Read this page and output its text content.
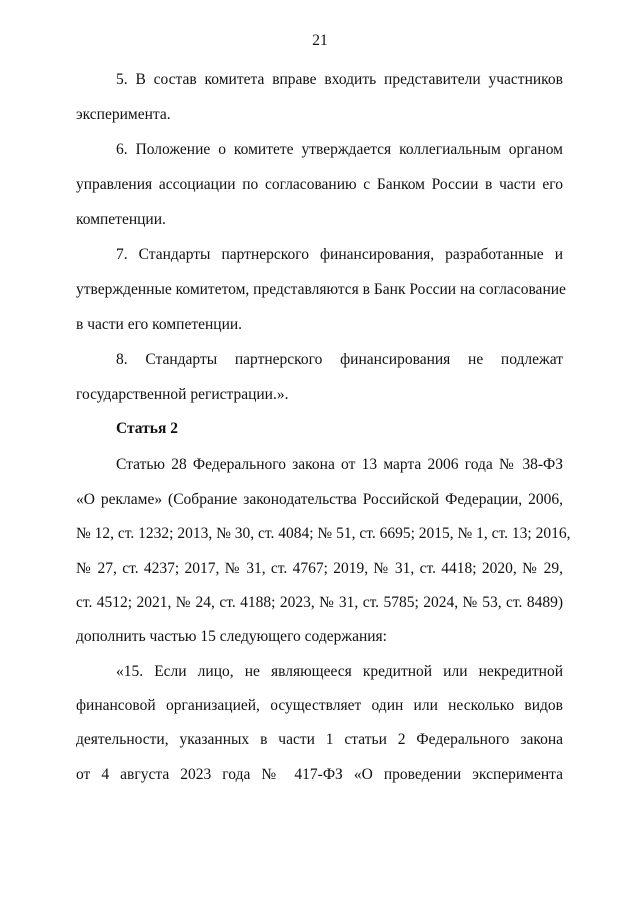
21
5. В состав комитета вправе входить представители участников
эксперимента.
6. Положение о комитете утверждается коллегиальным органом
управления ассоциации по согласованию с Банком России в части его
компетенции.
7. Стандарты партнерского финансирования, разработанные и
утвержденные комитетом, представляются в Банк России на согласование
в части его компетенции.
8. Стандарты партнерского финансирования не подлежат
государственной регистрации.».
Статья 2
Статью 28 Федерального закона от 13 марта 2006 года № 38-ФЗ
«О рекламе» (Собрание законодательства Российской Федерации, 2006,
№ 12, ст. 1232; 2013, № 30, ст. 4084; № 51, ст. 6695; 2015, № 1, ст. 13; 2016,
№ 27, ст. 4237; 2017, № 31, ст. 4767; 2019, № 31, ст. 4418; 2020, № 29,
ст. 4512; 2021, № 24, ст. 4188; 2023, № 31, ст. 5785; 2024, № 53, ст. 8489)
дополнить частью 15 следующего содержания:
«15. Если лицо, не являющееся кредитной или некредитной
финансовой организацией, осуществляет один или несколько видов
деятельности, указанных в части 1 статьи 2 Федерального закона
от 4 августа 2023 года № 417-ФЗ «О проведении эксперимента
